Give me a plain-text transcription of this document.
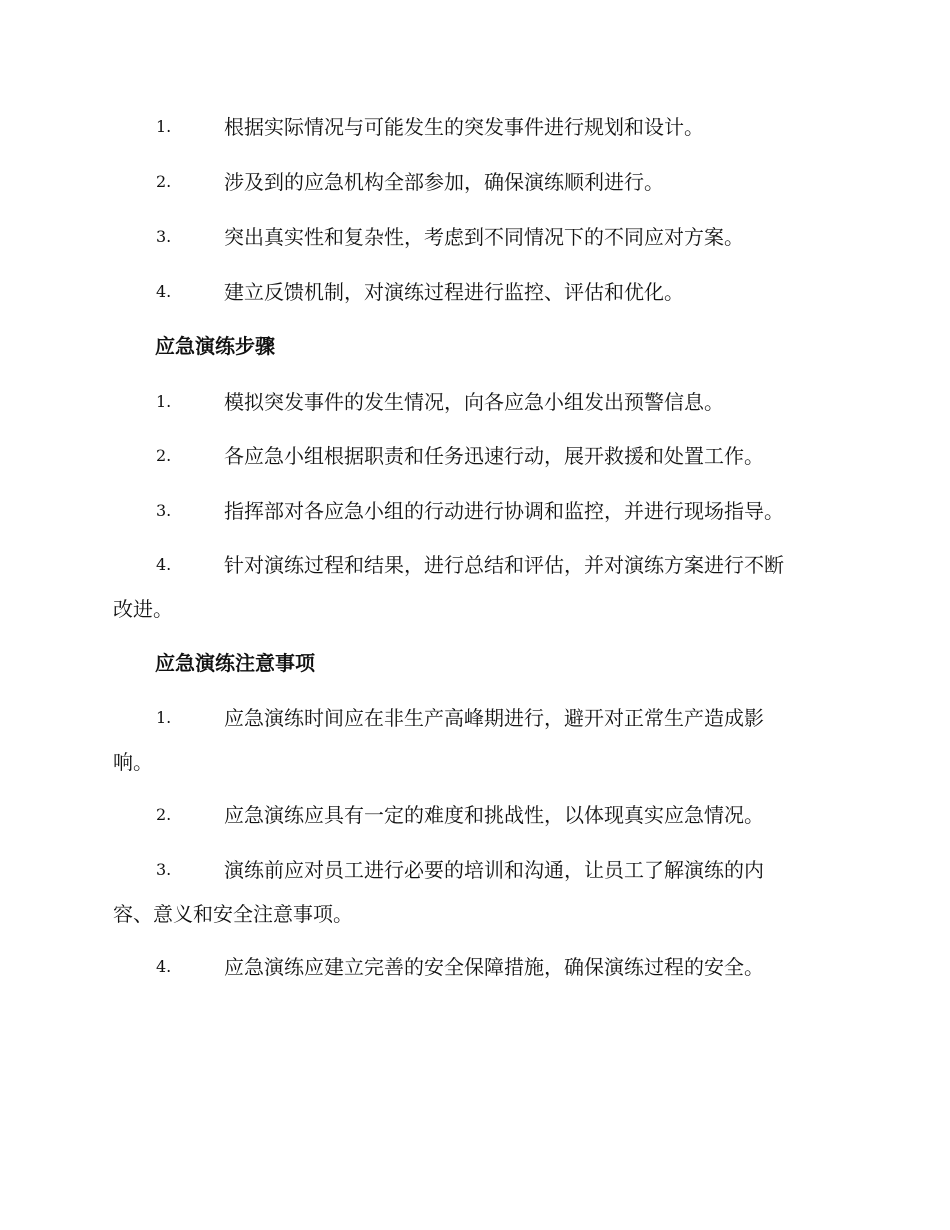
1.	根据实际情况与可能发生的突发事件进行规划和设计。
2.	涉及到的应急机构全部参加，确保演练顺利进行。
3.	突出真实性和复杂性，考虑到不同情况下的不同应对方案。
4.	建立反馈机制，对演练过程进行监控、评估和优化。
应急演练步骤
1.	模拟突发事件的发生情况，向各应急小组发出预警信息。
2.	各应急小组根据职责和任务迅速行动，展开救援和处置工作。
3.	指挥部对各应急小组的行动进行协调和监控，并进行现场指导。
4.	针对演练过程和结果，进行总结和评估，并对演练方案进行不断
改进。
应急演练注意事项
1.	应急演练时间应在非生产高峰期进行，避开对正常生产造成影
响。
2.	应急演练应具有一定的难度和挑战性，以体现真实应急情况。
3.	演练前应对员工进行必要的培训和沟通，让员工了解演练的内
容、意义和安全注意事项。
4.	应急演练应建立完善的安全保障措施，确保演练过程的安全。
